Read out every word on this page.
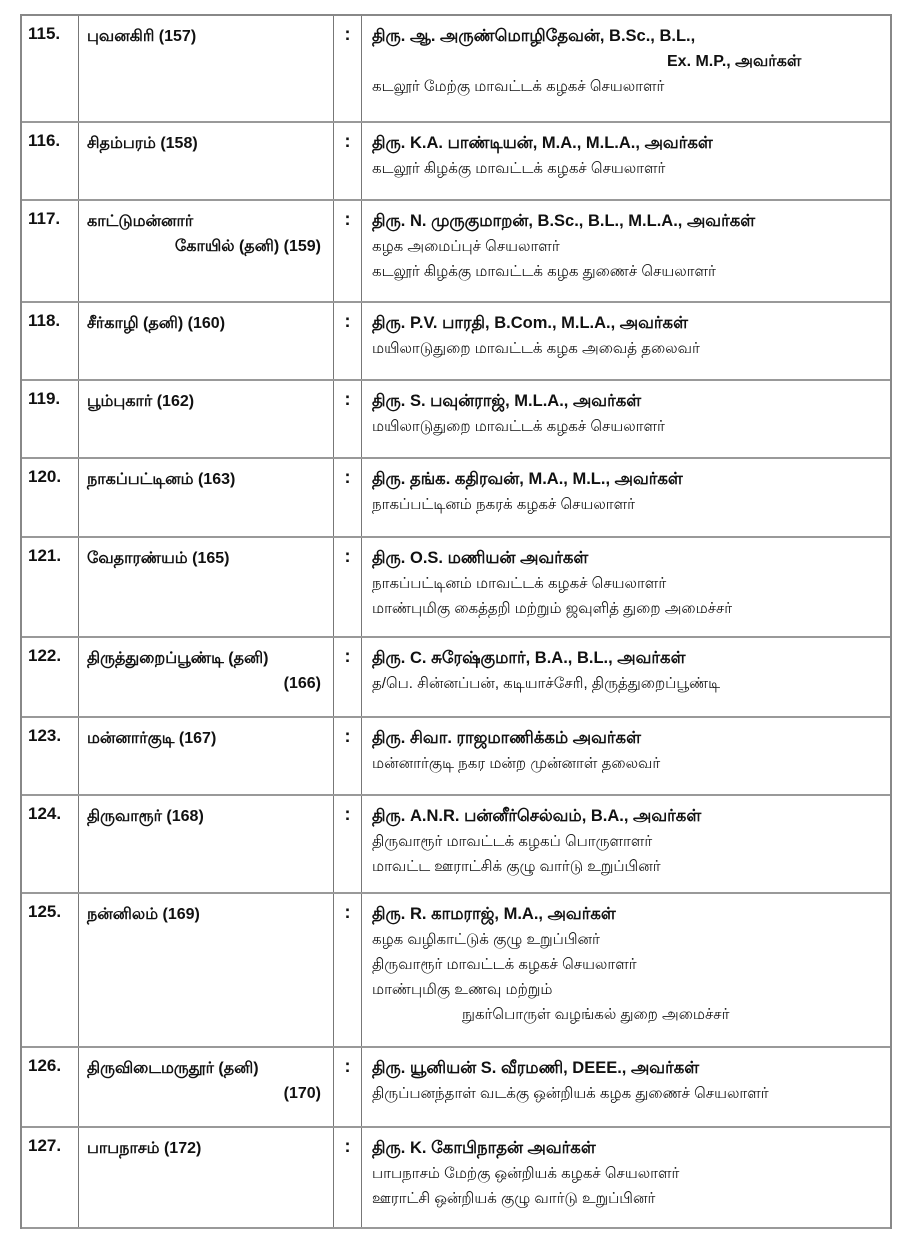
115.	புவனகிரி (157)	:	திரு. ஆ. அருண்மொழிதேவன், B.Sc., B.L.,
Ex. M.P., அவர்கள்
கடலூர் மேற்கு மாவட்டக் கழகச் செயலாளர்
116.	சிதம்பரம் (158)	:	திரு. K.A. பாண்டியன், M.A., M.L.A., அவர்கள்
கடலூர் கிழக்கு மாவட்டக் கழகச் செயலாளர்
117.	காட்டுமன்னார்
கோயில் (தனி) (159)
:	திரு. N. முருகுமாறன், B.Sc., B.L., M.L.A., அவர்கள்
கழக அமைப்புச் செயலாளர்
கடலூர் கிழக்கு மாவட்டக் கழக துணைச் செயலாளர்
118.	சீர்காழி (தனி) (160)	:	திரு. P.V. பாரதி, B.Com., M.L.A., அவர்கள்
மயிலாடுதுறை மாவட்டக் கழக அவைத் தலைவர்
119.	பூம்புகார் (162)	:	திரு. S. பவுன்ராஜ், M.L.A., அவர்கள்
மயிலாடுதுறை மாவட்டக் கழகச் செயலாளர்
120.	நாகப்பட்டினம் (163)	:	திரு. தங்க. கதிரவன், M.A., M.L., அவர்கள்
நாகப்பட்டினம் நகரக் கழகச் செயலாளர்
121.	வேதாரண்யம் (165)	:	திரு. O.S. மணியன் அவர்கள்
நாகப்பட்டினம் மாவட்டக் கழகச் செயலாளர்
மாண்புமிகு கைத்தறி மற்றும் ஜவுளித் துறை அமைச்சர்
122.	திருத்துறைப்பூண்டி (தனி)
(166)
:	திரு. C. சுரேஷ்குமார், B.A., B.L., அவர்கள்
த/பெ. சின்னப்பன், கடியாச்சேரி, திருத்துறைப்பூண்டி
123.	மன்னார்குடி (167)	:	திரு. சிவா. ராஜமாணிக்கம் அவர்கள்
மன்னார்குடி நகர மன்ற முன்னாள் தலைவர்
124.	திருவாரூர் (168)	:	திரு. A.N.R. பன்னீர்செல்வம், B.A., அவர்கள்
திருவாரூர் மாவட்டக் கழகப் பொருளாளர்
மாவட்ட ஊராட்சிக் குழு வார்டு உறுப்பினர்
125.	நன்னிலம் (169)	:	திரு. R. காமராஜ், M.A., அவர்கள்
கழக வழிகாட்டுக் குழு உறுப்பினர்
திருவாரூர் மாவட்டக் கழகச் செயலாளர்
மாண்புமிகு உணவு மற்றும்
நுகர்பொருள் வழங்கல் துறை அமைச்சர்
126.	திருவிடைமருதூர் (தனி)
(170)
:	திரு. யூனியன் S. வீரமணி, DEEE., அவர்கள்
திருப்பனந்தாள் வடக்கு ஒன்றியக் கழக துணைச் செயலாளர்
127.	பாபநாசம் (172)	:	திரு. K. கோபிநாதன் அவர்கள்
பாபநாசம் மேற்கு ஒன்றியக் கழகச் செயலாளர்
ஊராட்சி ஒன்றியக் குழு வார்டு உறுப்பினர்
